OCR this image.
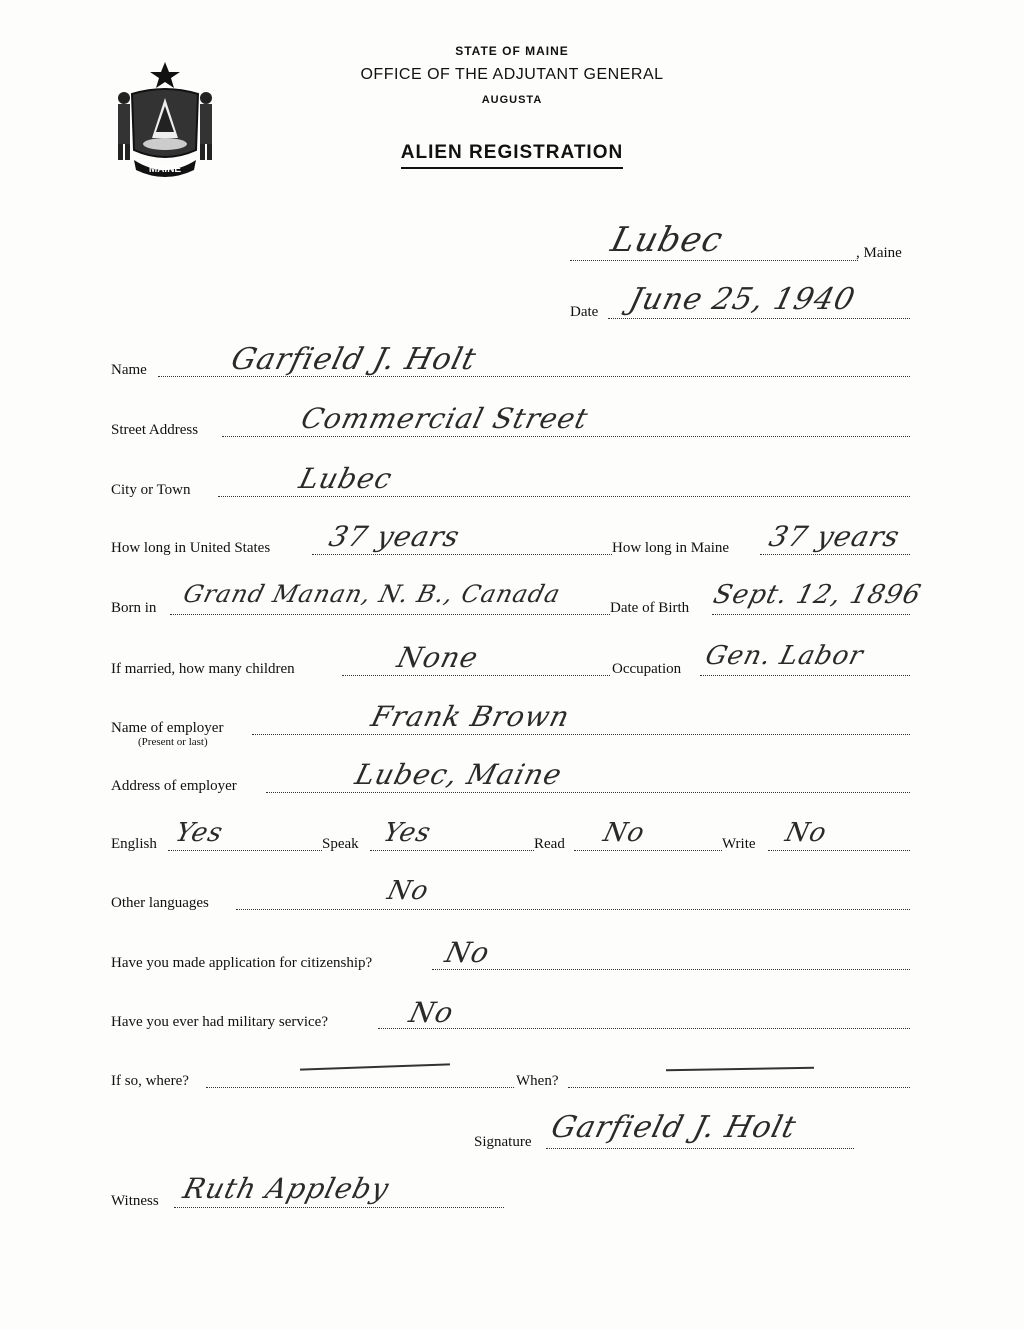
STATE OF MAINE
OFFICE OF THE ADJUTANT GENERAL
AUGUSTA
ALIEN REGISTRATION
MAINE
Lubec	, Maine
Date June 25, 1940
Name	Garfield J. Holt
Street Address	Commercial Street
City or Town	Lubec
How long in United States 37 years	How long in Maine 37 years
Born in Grand Manan, N. B., Canada	Date of Birth Sept. 12, 1896
If married, how many children	None	Occupation Gen. Labor
Name of employer
(Present or last)
Frank Brown
Address of employer	Lubec, Maine
English Yes	Speak Yes	Read No	Write No
Other languages	No
Have you made application for citizenship? No
Have you ever had military service?	No
If so, where?	When?
Signature Garfield J. Holt
Witness Ruth Appleby
